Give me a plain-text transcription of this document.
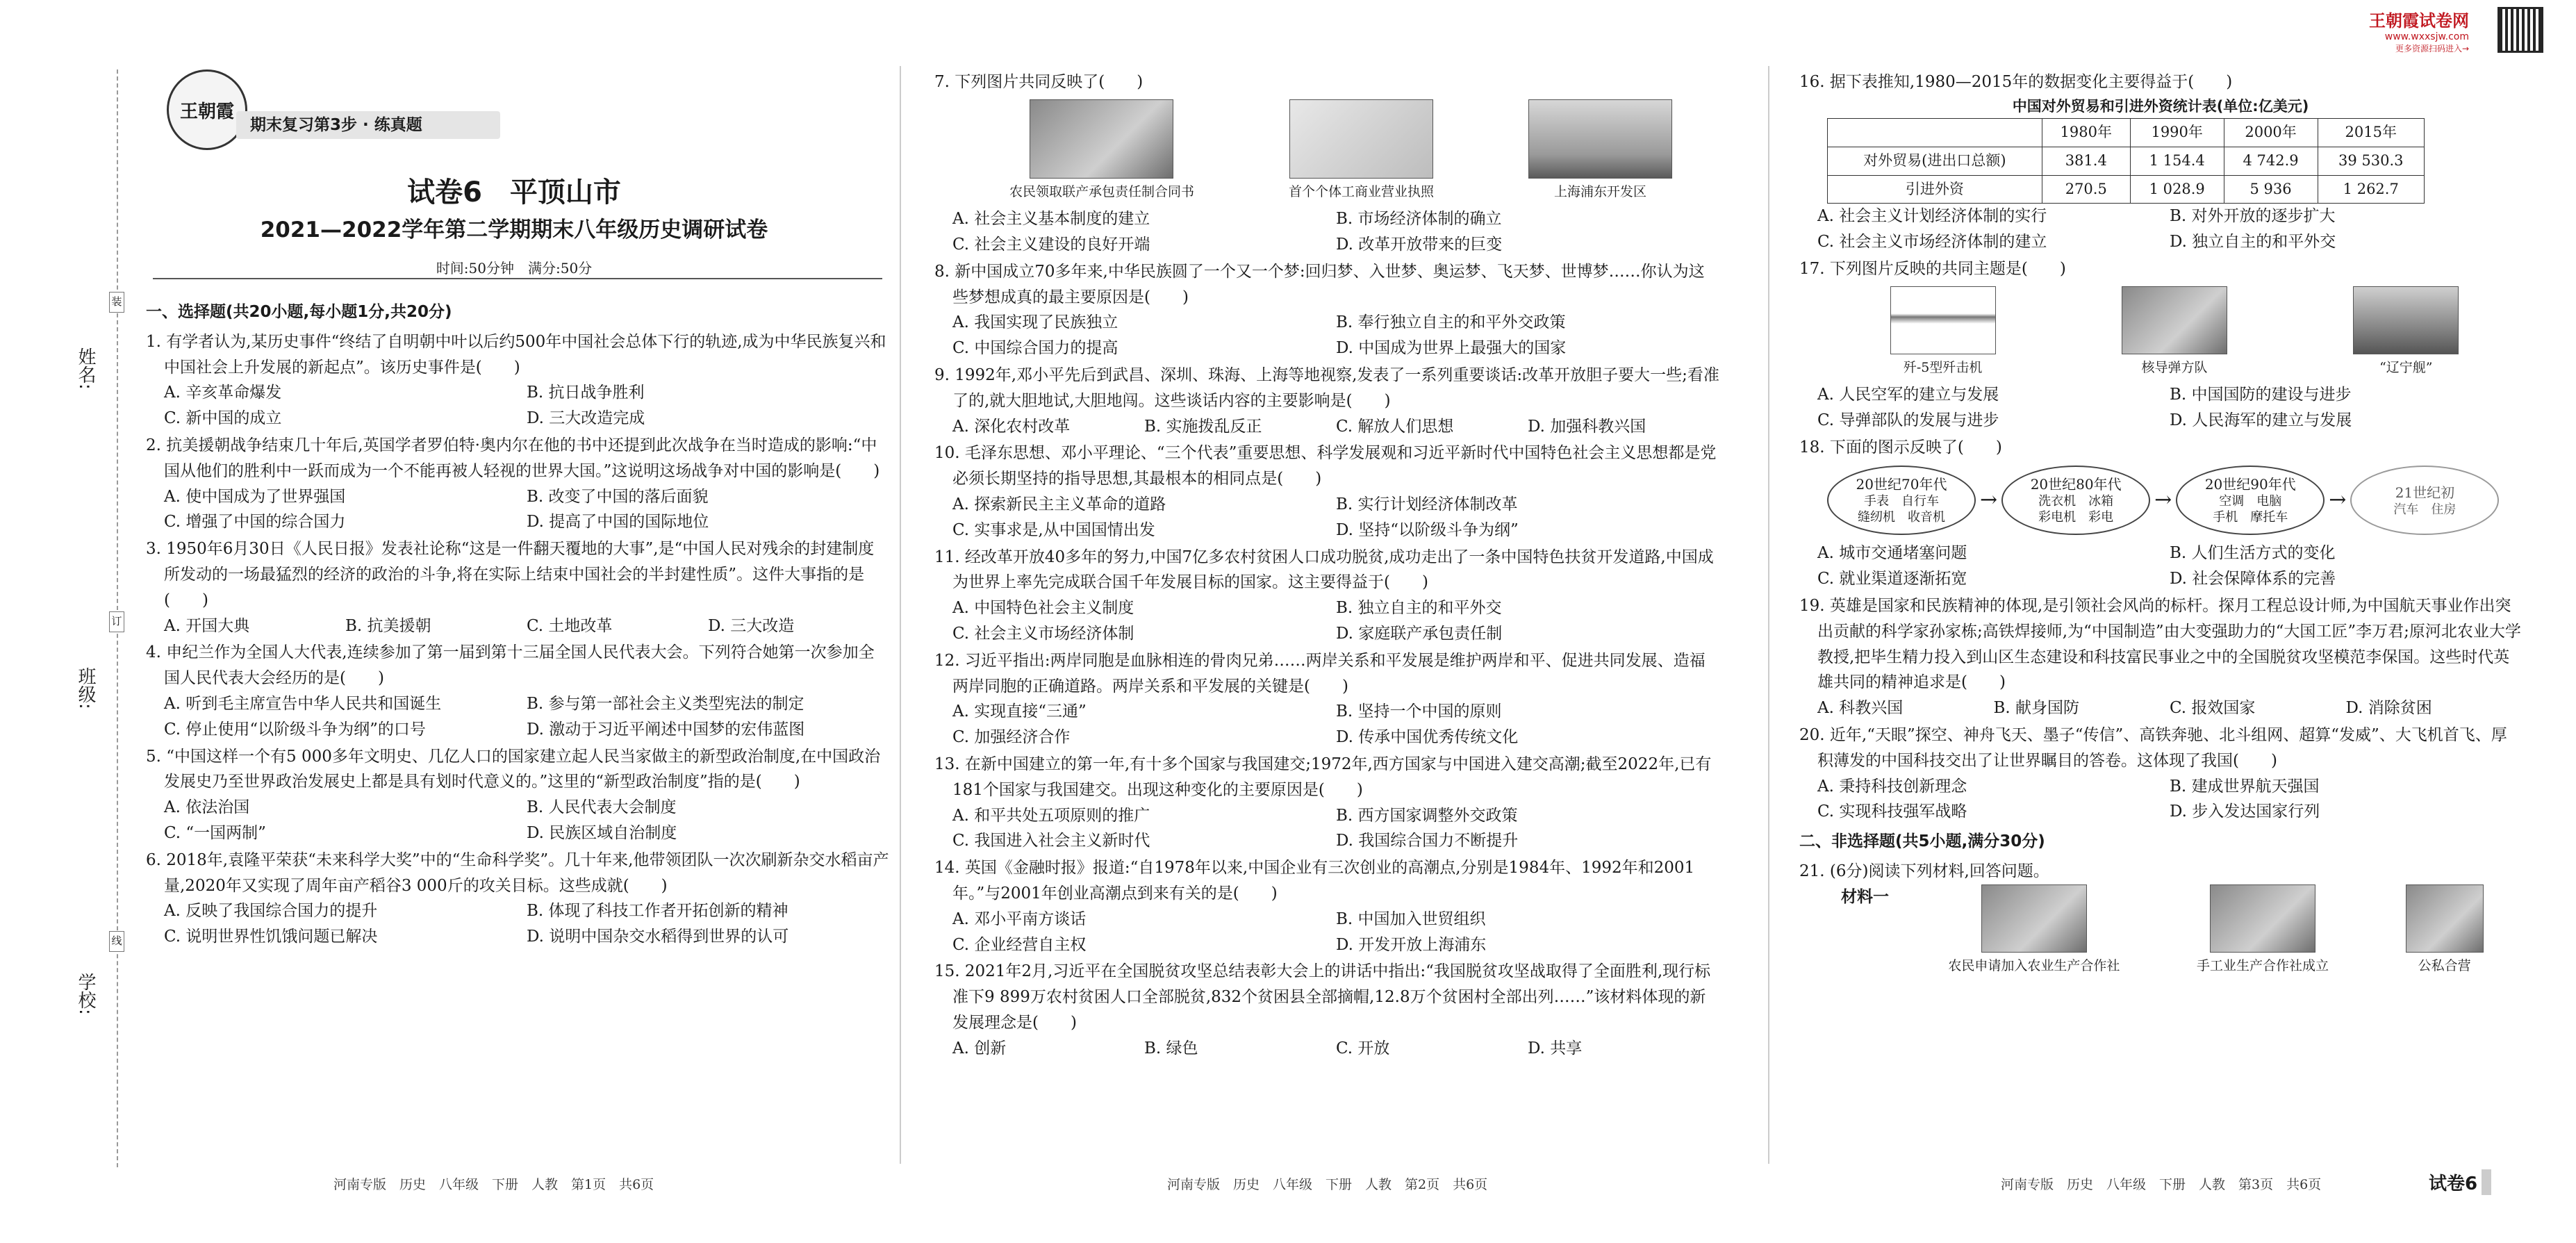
王朝霞试卷网
www.wxxsjw.com
更多资源扫码进入→
姓名:
班级:
学校:
装
订
线
王朝霞
期末复习第3步 · 练真题
试卷6　平顶山市
2021—2022学年第二学期期末八年级历史调研试卷
时间:50分钟　满分:50分
一、选择题(共20小题,每小题1分,共20分)
1. 有学者认为,某历史事件“终结了自明朝中叶以后约500年中国社会总体下行的轨迹,成为中华民族复兴和中国社会上升发展的新起点”。该历史事件是(　　)
A. 辛亥革命爆发	B. 抗日战争胜利
C. 新中国的成立	D. 三大改造完成
2. 抗美援朝战争结束几十年后,英国学者罗伯特·奥内尔在他的书中还提到此次战争在当时造成的影响:“中国从他们的胜利中一跃而成为一个不能再被人轻视的世界大国。”这说明这场战争对中国的影响是(　　)
A. 使中国成为了世界强国	B. 改变了中国的落后面貌
C. 增强了中国的综合国力	D. 提高了中国的国际地位
3. 1950年6月30日《人民日报》发表社论称“这是一件翻天覆地的大事”,是“中国人民对残余的封建制度所发动的一场最猛烈的经济的政治的斗争,将在实际上结束中国社会的半封建性质”。这件大事指的是(　　)
A. 开国大典	B. 抗美援朝	C. 土地改革	D. 三大改造
4. 申纪兰作为全国人大代表,连续参加了第一届到第十三届全国人民代表大会。下列符合她第一次参加全国人民代表大会经历的是(　　)
A. 听到毛主席宣告中华人民共和国诞生	B. 参与第一部社会主义类型宪法的制定
C. 停止使用“以阶级斗争为纲”的口号	D. 激动于习近平阐述中国梦的宏伟蓝图
5. “中国这样一个有5 000多年文明史、几亿人口的国家建立起人民当家做主的新型政治制度,在中国政治发展史乃至世界政治发展史上都是具有划时代意义的。”这里的“新型政治制度”指的是(　　)
A. 依法治国	B. 人民代表大会制度
C. “一国两制”	D. 民族区域自治制度
6. 2018年,袁隆平荣获“未来科学大奖”中的“生命科学奖”。几十年来,他带领团队一次次刷新杂交水稻亩产量,2020年又实现了周年亩产稻谷3 000斤的攻关目标。这些成就(　　)
A. 反映了我国综合国力的提升	B. 体现了科技工作者开拓创新的精神
C. 说明世界性饥饿问题已解决	D. 说明中国杂交水稻得到世界的认可
河南专版　历史　八年级　下册　人教　第1页　共6页
7. 下列图片共同反映了(　　)
农民领取联产承包责任制合同书	首个个体工商业营业执照	上海浦东开发区
A. 社会主义基本制度的建立	B. 市场经济体制的确立
C. 社会主义建设的良好开端	D. 改革开放带来的巨变
8. 新中国成立70多年来,中华民族圆了一个又一个梦:回归梦、入世梦、奥运梦、飞天梦、世博梦……你认为这些梦想成真的最主要原因是(　　)
A. 我国实现了民族独立	B. 奉行独立自主的和平外交政策
C. 中国综合国力的提高	D. 中国成为世界上最强大的国家
9. 1992年,邓小平先后到武昌、深圳、珠海、上海等地视察,发表了一系列重要谈话:改革开放胆子要大一些;看准了的,就大胆地试,大胆地闯。这些谈话内容的主要影响是(　　)
A. 深化农村改革	B. 实施拨乱反正	C. 解放人们思想	D. 加强科教兴国
10. 毛泽东思想、邓小平理论、“三个代表”重要思想、科学发展观和习近平新时代中国特色社会主义思想都是党必须长期坚持的指导思想,其最根本的相同点是(　　)
A. 探索新民主主义革命的道路	B. 实行计划经济体制改革
C. 实事求是,从中国国情出发	D. 坚持“以阶级斗争为纲”
11. 经改革开放40多年的努力,中国7亿多农村贫困人口成功脱贫,成功走出了一条中国特色扶贫开发道路,中国成为世界上率先完成联合国千年发展目标的国家。这主要得益于(　　)
A. 中国特色社会主义制度	B. 独立自主的和平外交
C. 社会主义市场经济体制	D. 家庭联产承包责任制
12. 习近平指出:两岸同胞是血脉相连的骨肉兄弟……两岸关系和平发展是维护两岸和平、促进共同发展、造福两岸同胞的正确道路。两岸关系和平发展的关键是(　　)
A. 实现直接“三通”	B. 坚持一个中国的原则
C. 加强经济合作	D. 传承中国优秀传统文化
13. 在新中国建立的第一年,有十多个国家与我国建交;1972年,西方国家与中国进入建交高潮;截至2022年,已有181个国家与我国建交。出现这种变化的主要原因是(　　)
A. 和平共处五项原则的推广	B. 西方国家调整外交政策
C. 我国进入社会主义新时代	D. 我国综合国力不断提升
14. 英国《金融时报》报道:“自1978年以来,中国企业有三次创业的高潮点,分别是1984年、1992年和2001年。”与2001年创业高潮点到来有关的是(　　)
A. 邓小平南方谈话	B. 中国加入世贸组织
C. 企业经营自主权	D. 开发开放上海浦东
15. 2021年2月,习近平在全国脱贫攻坚总结表彰大会上的讲话中指出:“我国脱贫攻坚战取得了全面胜利,现行标准下9 899万农村贫困人口全部脱贫,832个贫困县全部摘帽,12.8万个贫困村全部出列……”该材料体现的新发展理念是(　　)
A. 创新	B. 绿色	C. 开放	D. 共享
河南专版　历史　八年级　下册　人教　第2页　共6页
16. 据下表推知,1980—2015年的数据变化主要得益于(　　)
中国对外贸易和引进外资统计表(单位:亿美元)
	1980年	1990年	2000年	2015年
对外贸易(进出口总额)	381.4	1 154.4	4 742.9	39 530.3
引进外资	270.5	1 028.9	5 936	1 262.7
A. 社会主义计划经济体制的实行	B. 对外开放的逐步扩大
C. 社会主义市场经济体制的建立	D. 独立自主的和平外交
17. 下列图片反映的共同主题是(　　)
歼-5型歼击机	核导弹方队	“辽宁舰”
A. 人民空军的建立与发展	B. 中国国防的建设与进步
C. 导弹部队的发展与进步	D. 人民海军的建立与发展
18. 下面的图示反映了(　　)
20世纪70年代
手表　自行车
缝纫机　收音机
→
20世纪80年代
洗衣机　冰箱
彩电机　彩电
→
20世纪90年代
空调　电脑
手机　摩托车
→	21世纪初
汽车　住房
A. 城市交通堵塞问题	B. 人们生活方式的变化
C. 就业渠道逐渐拓宽	D. 社会保障体系的完善
19. 英雄是国家和民族精神的体现,是引领社会风尚的标杆。探月工程总设计师,为中国航天事业作出突出贡献的科学家孙家栋;高铁焊接师,为“中国制造”由大变强助力的“大国工匠”李万君;原河北农业大学教授,把毕生精力投入到山区生态建设和科技富民事业之中的全国脱贫攻坚模范李保国。这些时代英雄共同的精神追求是(　　)
A. 科教兴国	B. 献身国防	C. 报效国家	D. 消除贫困
20. 近年,“天眼”探空、神舟飞天、墨子“传信”、高铁奔驰、北斗组网、超算“发威”、大飞机首飞、厚积薄发的中国科技交出了让世界瞩目的答卷。这体现了我国(　　)
A. 秉持科技创新理念	B. 建成世界航天强国
C. 实现科技强军战略	D. 步入发达国家行列
二、非选择题(共5小题,满分30分)
21. (6分)阅读下列材料,回答问题。
材料一
农民申请加入农业生产合作社	手工业生产合作社成立	公私合营
河南专版　历史　八年级　下册　人教　第3页　共6页	试卷6
